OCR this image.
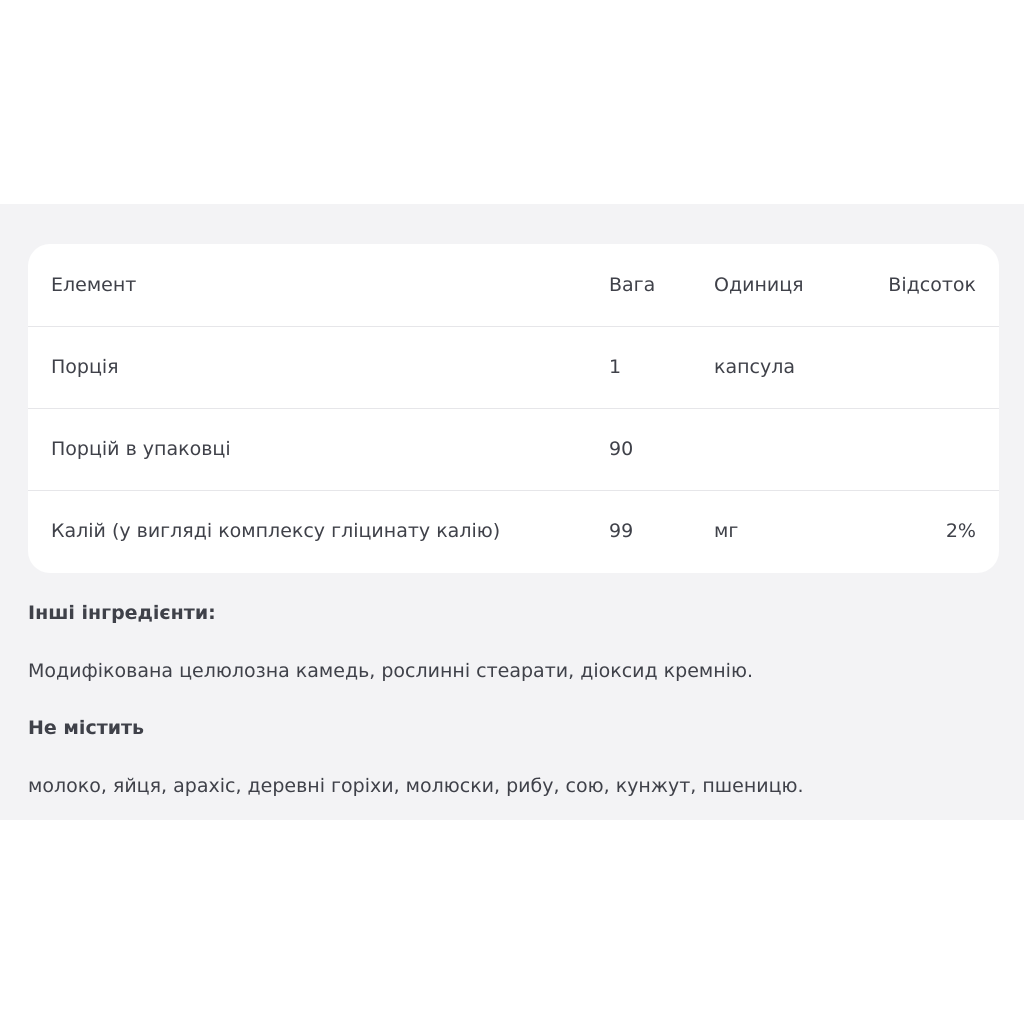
Елемент	Вага	Одиниця	Відсоток
Порція	1	капсула
Порцій в упаковці	90
Калій (у вигляді комплексу гліцинату калію)	99	мг	2%
Інші інгредієнти:
Модифікована целюлозна камедь, рослинні стеарати, діоксид кремнію.
Не містить
молоко, яйця, арахіс, деревні горіхи, молюски, рибу, сою, кунжут, пшеницю.
